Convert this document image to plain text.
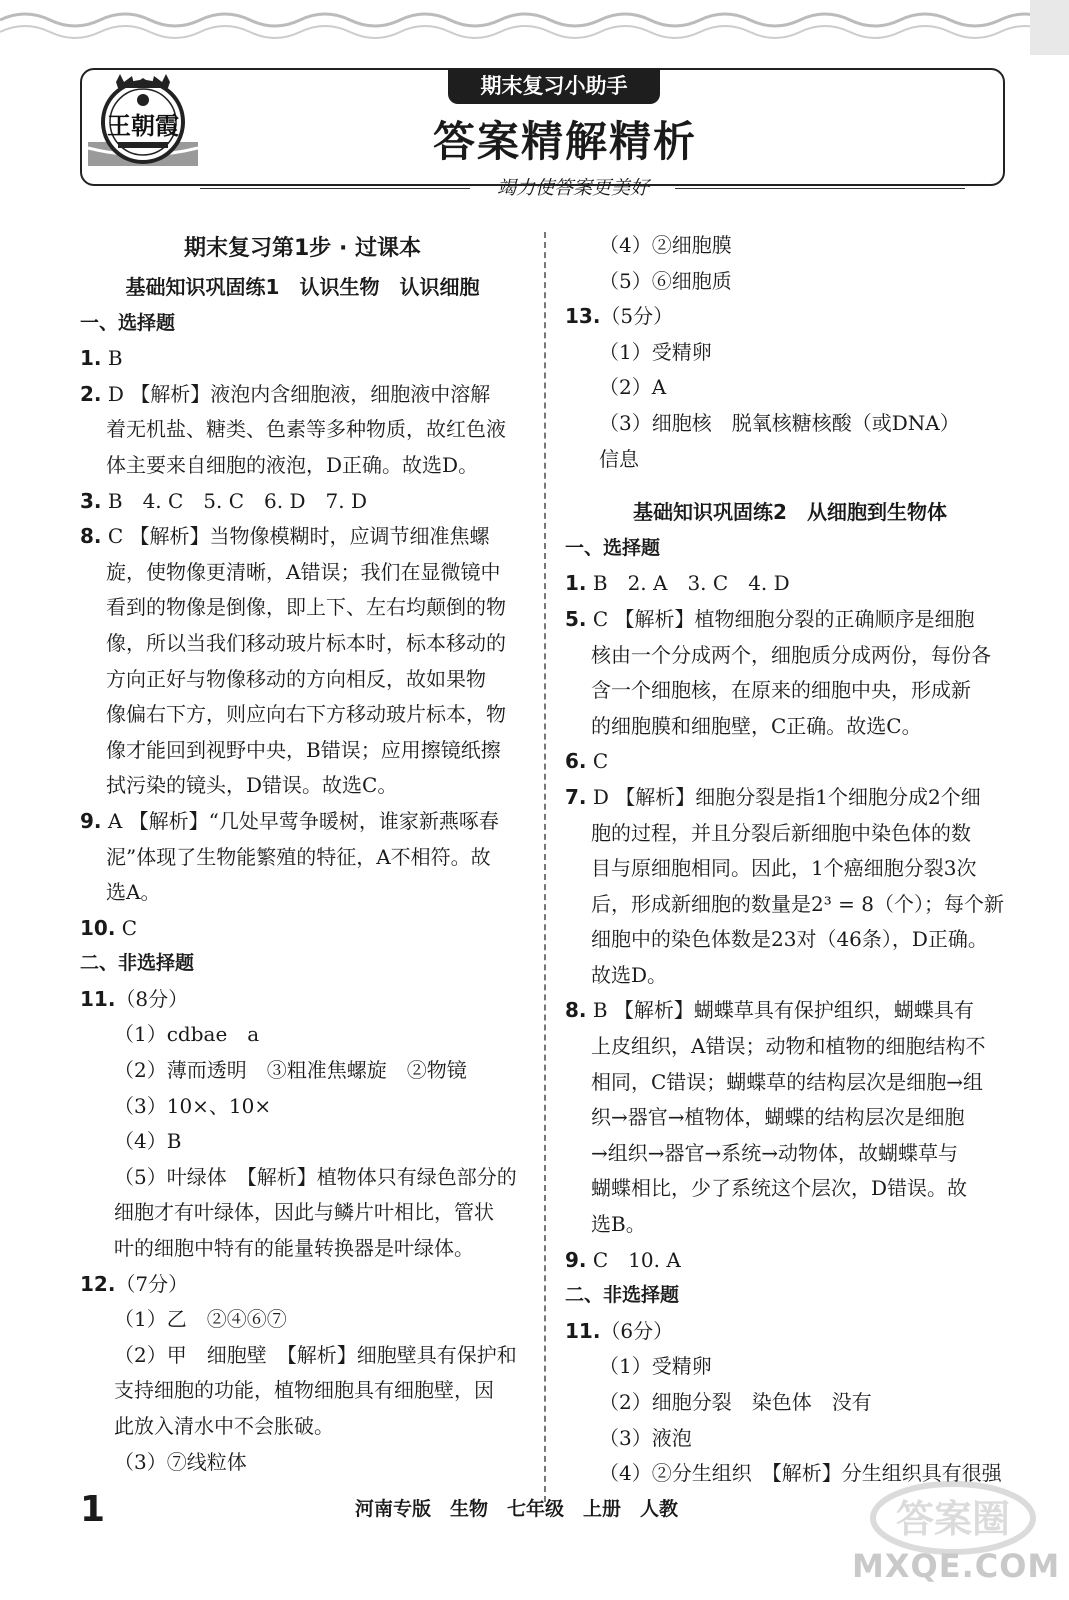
王朝霞
期末复习小助手
答案精解精析
竭力使答案更美好
期末复习第1步 · 过课本
基础知识巩固练1　认识生物　认识细胞
一、选择题
1. B
2. D 【解析】液泡内含细胞液，细胞液中溶解
着无机盐、糖类、色素等多种物质，故红色液
体主要来自细胞的液泡，D正确。故选D。
3. B　4. C　5. C　6. D　7. D
8. C 【解析】当物像模糊时，应调节细准焦螺
旋，使物像更清晰，A错误；我们在显微镜中
看到的物像是倒像，即上下、左右均颠倒的物
像，所以当我们移动玻片标本时，标本移动的
方向正好与物像移动的方向相反，故如果物
像偏右下方，则应向右下方移动玻片标本，物
像才能回到视野中央，B错误；应用擦镜纸擦
拭污染的镜头，D错误。故选C。
9. A 【解析】“几处早莺争暖树，谁家新燕啄春
泥”体现了生物能繁殖的特征，A不相符。故
选A。
10. C
二、非选择题
11.（8分）
（1）cdbae　a
（2）薄而透明　③粗准焦螺旋　②物镜
（3）10×、10×
（4）B
（5）叶绿体　【解析】植物体只有绿色部分的
细胞才有叶绿体，因此与鳞片叶相比，管状
叶的细胞中特有的能量转换器是叶绿体。
12.（7分）
（1）乙　②④⑥⑦
（2）甲　细胞壁　【解析】细胞壁具有保护和
支持细胞的功能，植物细胞具有细胞壁，因
此放入清水中不会胀破。
（3）⑦线粒体
（4）②细胞膜
（5）⑥细胞质
13.（5分）
（1）受精卵
（2）A
（3）细胞核　脱氧核糖核酸（或DNA）
信息
基础知识巩固练2　从细胞到生物体
一、选择题
1. B　2. A　3. C　4. D
5. C 【解析】植物细胞分裂的正确顺序是细胞
核由一个分成两个，细胞质分成两份，每份各
含一个细胞核，在原来的细胞中央，形成新
的细胞膜和细胞壁，C正确。故选C。
6. C
7. D 【解析】细胞分裂是指1个细胞分成2个细
胞的过程，并且分裂后新细胞中染色体的数
目与原细胞相同。因此，1个癌细胞分裂3次
后，形成新细胞的数量是2³ = 8（个）；每个新
细胞中的染色体数是23对（46条），D正确。
故选D。
8. B 【解析】蝴蝶草具有保护组织，蝴蝶具有
上皮组织，A错误；动物和植物的细胞结构不
相同，C错误；蝴蝶草的结构层次是细胞→组
织→器官→植物体，蝴蝶的结构层次是细胞
→组织→器官→系统→动物体，故蝴蝶草与
蝴蝶相比，少了系统这个层次，D错误。故
选B。
9. C　10. A
二、非选择题
11.（6分）
（1）受精卵
（2）细胞分裂　染色体　没有
（3）液泡
（4）②分生组织　【解析】分生组织具有很强
1	河南专版　生物　七年级　上册　人教	答案圈
MXQE.COM
